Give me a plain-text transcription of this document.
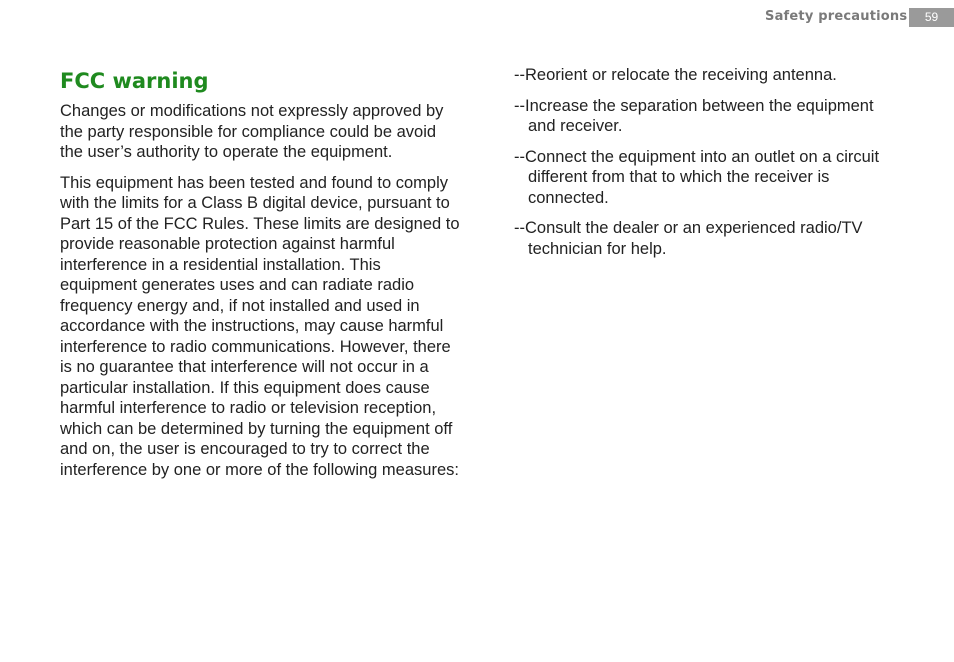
Safety precautions	59
FCC warning

Changes or modifications not expressly approved by the party responsible for compliance could be avoid the user’s authority to operate the equipment.

This equipment has been tested and found to comply with the limits for a Class B digital device, pursuant to Part 15 of the FCC Rules. These limits are designed to provide reasonable protection against harmful interference in a residential installation. This equipment generates uses and can radiate radio frequency energy and, if not installed and used in accordance with the instructions, may cause harmful interference to radio communications. However, there is no guarantee that interference will not occur in a particular installation. If this equipment does cause harmful interference to radio or television reception, which can be determined by turning the equipment off and on, the user is encouraged to try to correct the interference by one or more of the following measures:

--Reorient or relocate the receiving antenna.

--Increase the separation between the equipment and receiver.

--Connect the equipment into an outlet on a circuit different from that to which the receiver is connected.

--Consult the dealer or an experienced radio/TV technician for help.
